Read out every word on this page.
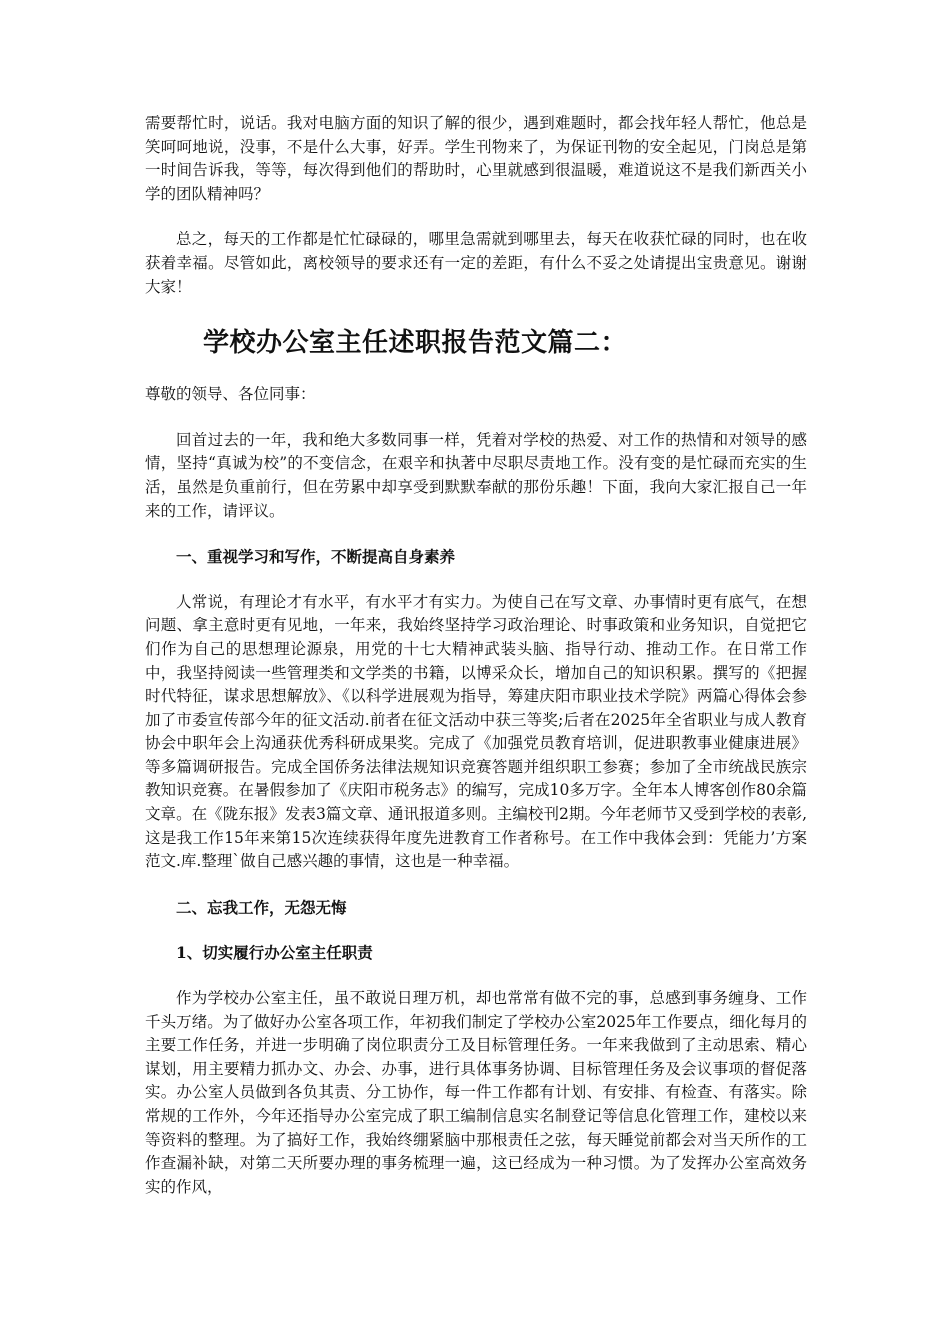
需要帮忙时，说话。我对电脑方面的知识了解的很少，遇到难题时，都会找年轻人帮忙，他总是笑呵呵地说，没事，不是什么大事，好弄。学生刊物来了，为保证刊物的安全起见，门岗总是第一时间告诉我，等等，每次得到他们的帮助时，心里就感到很温暖，难道说这不是我们新西关小学的团队精神吗？

总之，每天的工作都是忙忙碌碌的，哪里急需就到哪里去，每天在收获忙碌的同时，也在收获着幸福。尽管如此，离校领导的要求还有一定的差距，有什么不妥之处请提出宝贵意见。谢谢大家！

学校办公室主任述职报告范文篇二：

尊敬的领导、各位同事：

回首过去的一年，我和绝大多数同事一样，凭着对学校的热爱、对工作的热情和对领导的感情，坚持“真诚为校”的不变信念，在艰辛和执著中尽职尽责地工作。没有变的是忙碌而充实的生活，虽然是负重前行，但在劳累中却享受到默默奉献的那份乐趣！下面，我向大家汇报自己一年来的工作，请评议。

一、重视学习和写作，不断提高自身素养

人常说，有理论才有水平，有水平才有实力。为使自己在写文章、办事情时更有底气，在想问题、拿主意时更有见地，一年来，我始终坚持学习政治理论、时事政策和业务知识，自觉把它们作为自己的思想理论源泉，用党的十七大精神武装头脑、指导行动、推动工作。在日常工作中，我坚持阅读一些管理类和文学类的书籍，以博采众长，增加自己的知识积累。撰写的《把握时代特征，谋求思想解放》、《以科学进展观为指导，筹建庆阳市职业技术学院》两篇心得体会参加了市委宣传部今年的征文活动.前者在征文活动中获三等奖;后者在2025年全省职业与成人教育协会中职年会上沟通获优秀科研成果奖。完成了《加强党员教育培训，促进职教事业健康进展》等多篇调研报告。完成全国侨务法律法规知识竞赛答题并组织职工参赛；参加了全市统战民族宗教知识竞赛。在暑假参加了《庆阳市税务志》的编写，完成10多万字。全年本人博客创作80余篇文章。在《陇东报》发表3篇文章、通讯报道多则。主编校刊2期。今年老师节又受到学校的表彰,这是我工作15年来第15次连续获得年度先进教育工作者称号。在工作中我体会到：凭能力’方案范文.库.整理`做自己感兴趣的事情，这也是一种幸福。

二、忘我工作，无怨无悔

1、切实履行办公室主任职责

作为学校办公室主任，虽不敢说日理万机，却也常常有做不完的事，总感到事务缠身、工作千头万绪。为了做好办公室各项工作，年初我们制定了学校办公室2025年工作要点，细化每月的主要工作任务，并进一步明确了岗位职责分工及目标管理任务。一年来我做到了主动思索、精心谋划，用主要精力抓办文、办会、办事，进行具体事务协调、目标管理任务及会议事项的督促落实。办公室人员做到各负其责、分工协作，每一件工作都有计划、有安排、有检查、有落实。除常规的工作外，今年还指导办公室完成了职工编制信息实名制登记等信息化管理工作，建校以来等资料的整理。为了搞好工作，我始终绷紧脑中那根责任之弦，每天睡觉前都会对当天所作的工作查漏补缺，对第二天所要办理的事务梳理一遍，这已经成为一种习惯。为了发挥办公室高效务实的作风，
